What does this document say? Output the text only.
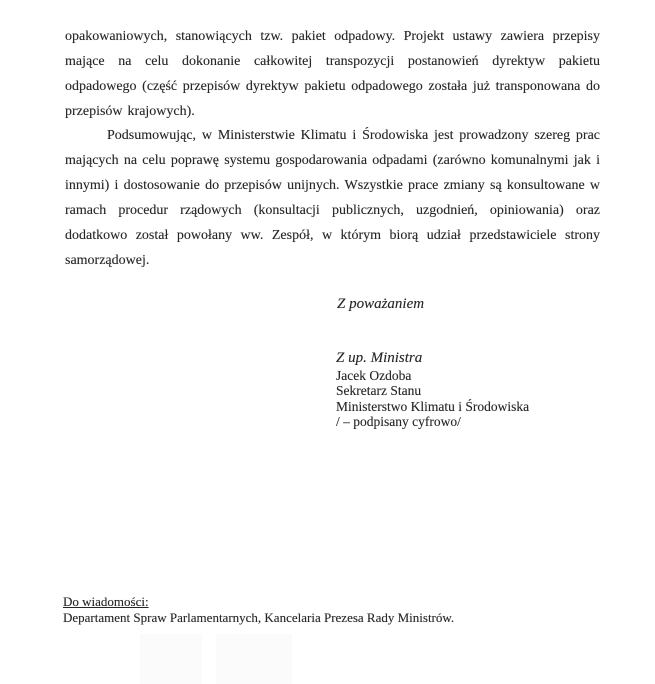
opakowaniowych, stanowiących tzw. pakiet odpadowy. Projekt ustawy zawiera przepisy mające na celu dokonanie całkowitej transpozycji postanowień dyrektyw pakietu odpadowego (część przepisów dyrektyw pakietu odpadowego została już transponowana do przepisów krajowych).

Podsumowując, w Ministerstwie Klimatu i Środowiska jest prowadzony szereg prac mających na celu poprawę systemu gospodarowania odpadami (zarówno komunalnymi jak i innymi) i dostosowanie do przepisów unijnych. Wszystkie prace zmiany są konsultowane w ramach procedur rządowych (konsultacji publicznych, uzgodnień, opiniowania) oraz dodatkowo został powołany ww. Zespół, w którym biorą udział przedstawiciele strony samorządowej.

Z poważaniem
Z up. Ministra
Jacek Ozdoba
Sekretarz Stanu
Ministerstwo Klimatu i Środowiska
/ – podpisany cyfrowo/
Do wiadomości:
Departament Spraw Parlamentarnych, Kancelaria Prezesa Rady Ministrów.
